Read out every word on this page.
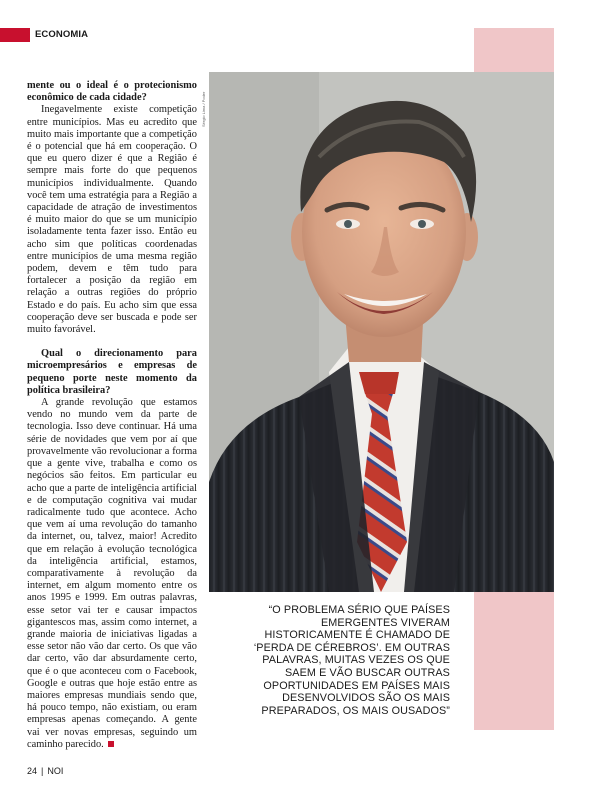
ECONOMIA

mente ou o ideal é o protecionismo econômico de cada cidade?

Inegavelmente existe competição entre municípios. Mas eu acredito que muito mais importante que a competição é o potencial que há em cooperação. O que eu quero dizer é que a Região é sempre mais forte do que pequenos municípios individualmente. Quando você tem uma estratégia para a Região a capacidade de atração de investimentos é muito maior do que se um município isoladamente tenta fazer isso. Então eu acho sim que políticas coordenadas entre municípios de uma mesma região podem, devem e têm tudo para fortalecer a posição da região em relação a outras regiões do próprio Estado e do país. Eu acho sim que essa cooperação deve ser buscada e pode ser muito favorável.

Qual o direcionamento para microempresários e empresas de pequeno porte neste momento da política brasileira?

A grande revolução que estamos vendo no mundo vem da parte de tecnologia. Isso deve continuar. Há uma série de novidades que vem por aí que provavelmente vão revolucionar a forma que a gente vive, trabalha e como os negócios são feitos. Em particular eu acho que a parte de inteligência artificial e de computação cognitiva vai mudar radicalmente tudo que acontece. Acho que vem aí uma revolução do tamanho da internet, ou, talvez, maior! Acredito que em relação à evolução tecnológica da inteligência artificial, estamos, comparativamente à revolução da internet, em algum momento entre os anos 1995 e 1999. Em outras palavras, esse setor vai ter e causar impactos gigantescos mas, assim como internet, a grande maioria de iniciativas ligadas a esse setor não vão dar certo. Os que vão dar certo, vão dar absurdamente certo, que é o que aconteceu com o Facebook, Google e outras que hoje estão entre as maiores empresas mundiais sendo que, há pouco tempo, não existiam, ou eram empresas apenas começando. A gente vai ver novas empresas, seguindo um caminho parecido.

Sérgio Lima / Poder
“O PROBLEMA SÉRIO QUE PAÍSES EMERGENTES VIVERAM HISTORICAMENTE É CHAMADO DE ‘PERDA DE CÉREBROS’. EM OUTRAS PALAVRAS, MUITAS VEZES OS QUE SAEM E VÃO BUSCAR OUTRAS OPORTUNIDADES EM PAÍSES MAIS DESENVOLVIDOS SÃO OS MAIS PREPARADOS, OS MAIS OUSADOS”
24 | NOI
